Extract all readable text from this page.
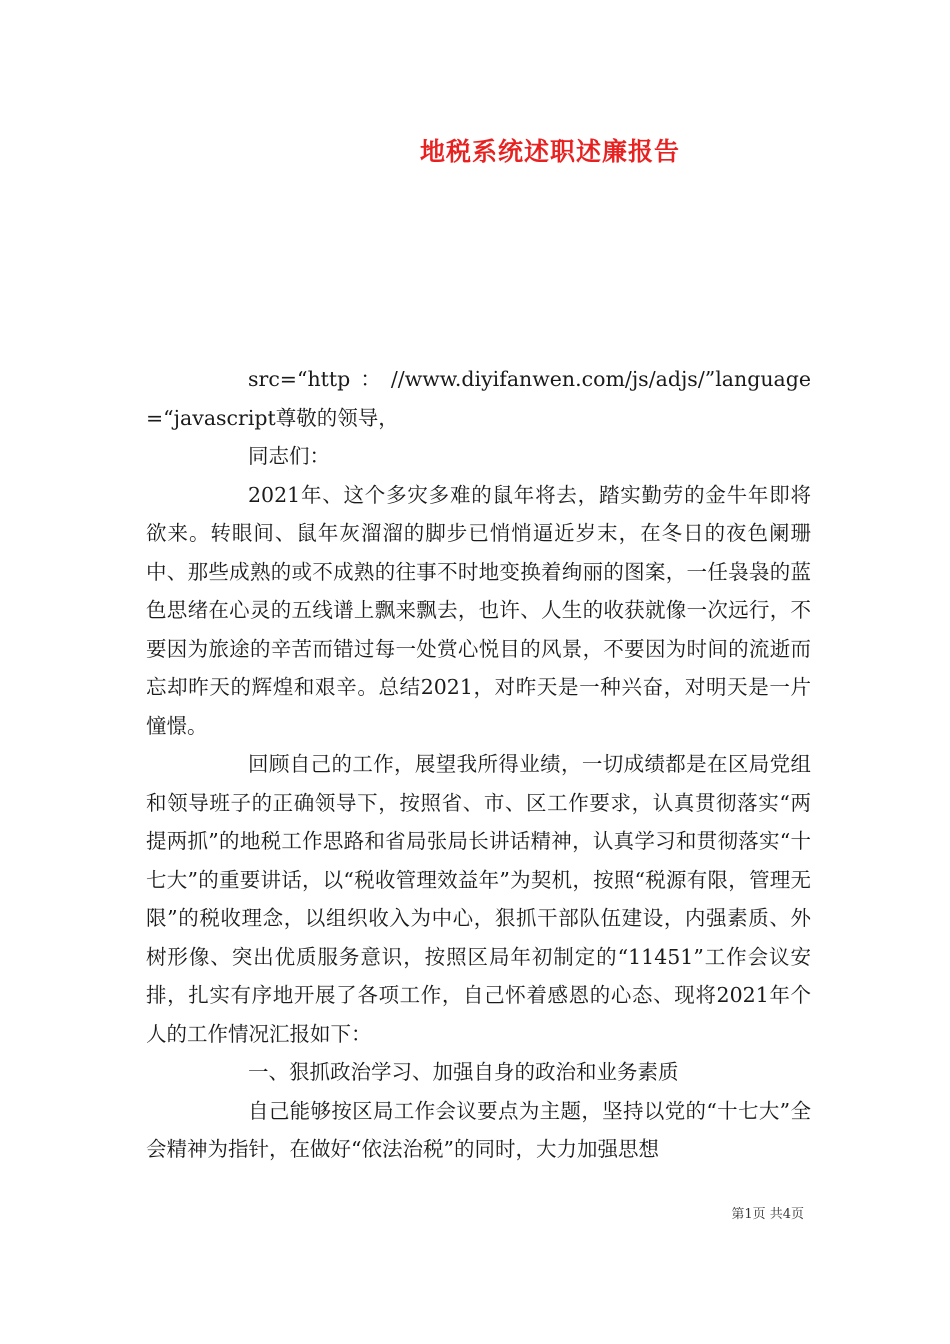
地税系统述职述廉报告

src=“http：//www.diyifanwen.com/js/adjs/”language=“javascript尊敬的领导，

同志们：

2021年、这个多灾多难的鼠年将去，踏实勤劳的金牛年即将欲来。转眼间、鼠年灰溜溜的脚步已悄悄逼近岁末，在冬日的夜色阑珊中、那些成熟的或不成熟的往事不时地变换着绚丽的图案，一任袅袅的蓝色思绪在心灵的五线谱上飘来飘去，也许、人生的收获就像一次远行，不要因为旅途的辛苦而错过每一处赏心悦目的风景，不要因为时间的流逝而忘却昨天的辉煌和艰辛。总结2021，对昨天是一种兴奋，对明天是一片憧憬。

回顾自己的工作，展望我所得业绩，一切成绩都是在区局党组和领导班子的正确领导下，按照省、市、区工作要求，认真贯彻落实“两提两抓”的地税工作思路和省局张局长讲话精神，认真学习和贯彻落实“十七大”的重要讲话，以“税收管理效益年”为契机，按照“税源有限，管理无限”的税收理念，以组织收入为中心，狠抓干部队伍建设，内强素质、外树形像、突出优质服务意识，按照区局年初制定的“11451”工作会议安排，扎实有序地开展了各项工作，自己怀着感恩的心态、现将2021年个人的工作情况汇报如下：

一、狠抓政治学习、加强自身的政治和业务素质

自己能够按区局工作会议要点为主题，坚持以党的“十七大”全会精神为指针，在做好“依法治税”的同时，大力加强思想

第1页 共4页
